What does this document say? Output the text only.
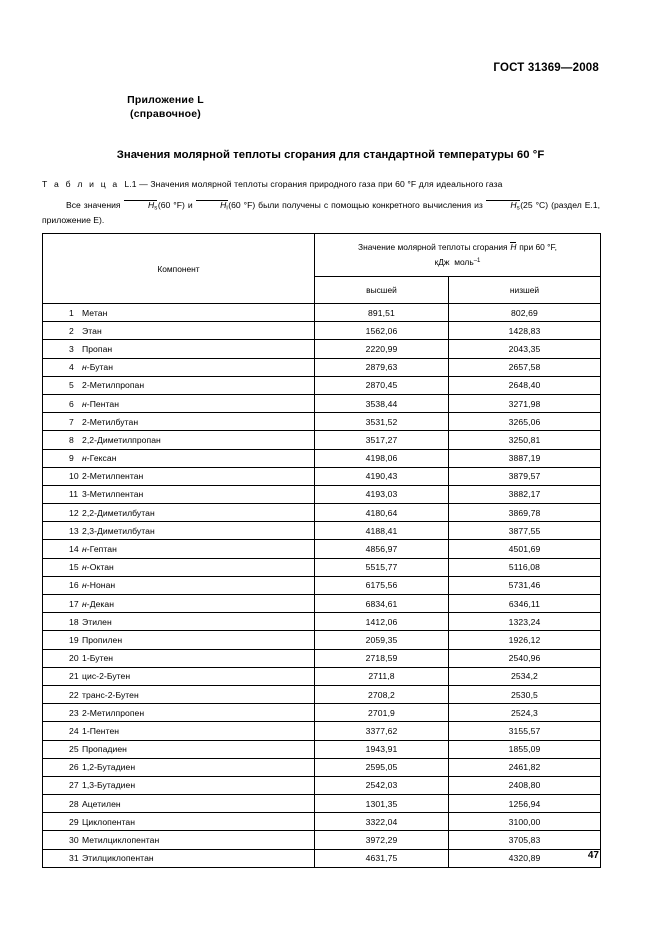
ГОСТ 31369—2008
Приложение L
(справочное)
Значения молярной теплоты сгорания для стандартной температуры 60 °F
Т а б л и ц а L.1 — Значения молярной теплоты сгорания природного газа при 60 °F для идеального газа
Все значения	$H_s(60$ °F) и	$H_i(60$ °F) были получены с помощью конкретного вычисления из	$H_s(25$ °C) (раздел Е.1, приложение Е).
Компонент	Значение молярной теплоты сгорания H при 60 °F,
кДж моль$^{-1}$
	высшей	низшей
1 Метан	891,51	802,69
2 Этан	1562,06	1428,83
3 Пропан	2220,99	2043,35
4 н-Бутан	2879,63	2657,58
5 2-Метилпропан	2870,45	2648,40
6 н-Пентан	3538,44	3271,98
7 2-Метилбутан	3531,52	3265,06
8 2,2-Диметилпропан	3517,27	3250,81
9 н-Гексан	4198,06	3887,19
10 2-Метилпентан	4190,43	3879,57
11 3-Метилпентан	4193,03	3882,17
12 2,2-Диметилбутан	4180,64	3869,78
13 2,3-Диметилбутан	4188,41	3877,55
14 н-Гептан	4856,97	4501,69
15 н-Октан	5515,77	5116,08
16 н-Нонан	6175,56	5731,46
17 н-Декан	6834,61	6346,11
18 Этилен	1412,06	1323,24
19 Пропилен	2059,35	1926,12
20 1-Бутен	2718,59	2540,96
21 цис-2-Бутен	2711,8	2534,2
22 транс-2-Бутен	2708,2	2530,5
23 2-Метилпропен	2701,9	2524,3
24 1-Пентен	3377,62	3155,57
25 Пропадиен	1943,91	1855,09
26 1,2-Бутадиен	2595,05	2461,82
27 1,3-Бутадиен	2542,03	2408,80
28 Ацетилен	1301,35	1256,94
29 Циклопентан	3322,04	3100,00
30 Метилциклопентан	3972,29	3705,83
31 Этилциклопентан	4631,75	4320,89	47
